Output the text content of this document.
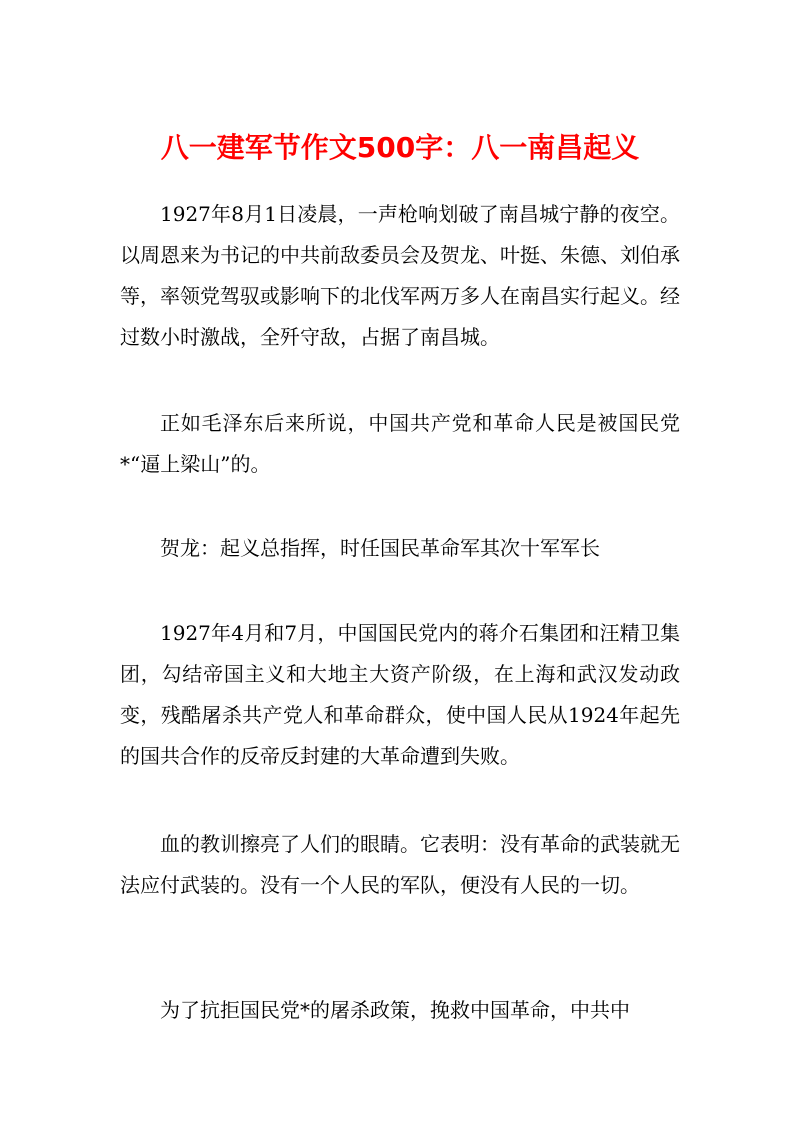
八一建军节作文500字：八一南昌起义

1927年8月1日凌晨，一声枪响划破了南昌城宁静的夜空。以周恩来为书记的中共前敌委员会及贺龙、叶挺、朱德、刘伯承等，率领党驾驭或影响下的北伐军两万多人在南昌实行起义。经过数小时激战，全歼守敌，占据了南昌城。

正如毛泽东后来所说，中国共产党和革命人民是被国民党*“逼上梁山”的。

贺龙：起义总指挥，时任国民革命军其次十军军长

1927年4月和7月，中国国民党内的蒋介石集团和汪精卫集团，勾结帝国主义和大地主大资产阶级，在上海和武汉发动政变，残酷屠杀共产党人和革命群众，使中国人民从1924年起先的国共合作的反帝反封建的大革命遭到失败。

血的教训擦亮了人们的眼睛。它表明：没有革命的武装就无法应付武装的。没有一个人民的军队，便没有人民的一切。

为了抗拒国民党*的屠杀政策，挽救中国革命，中共中
